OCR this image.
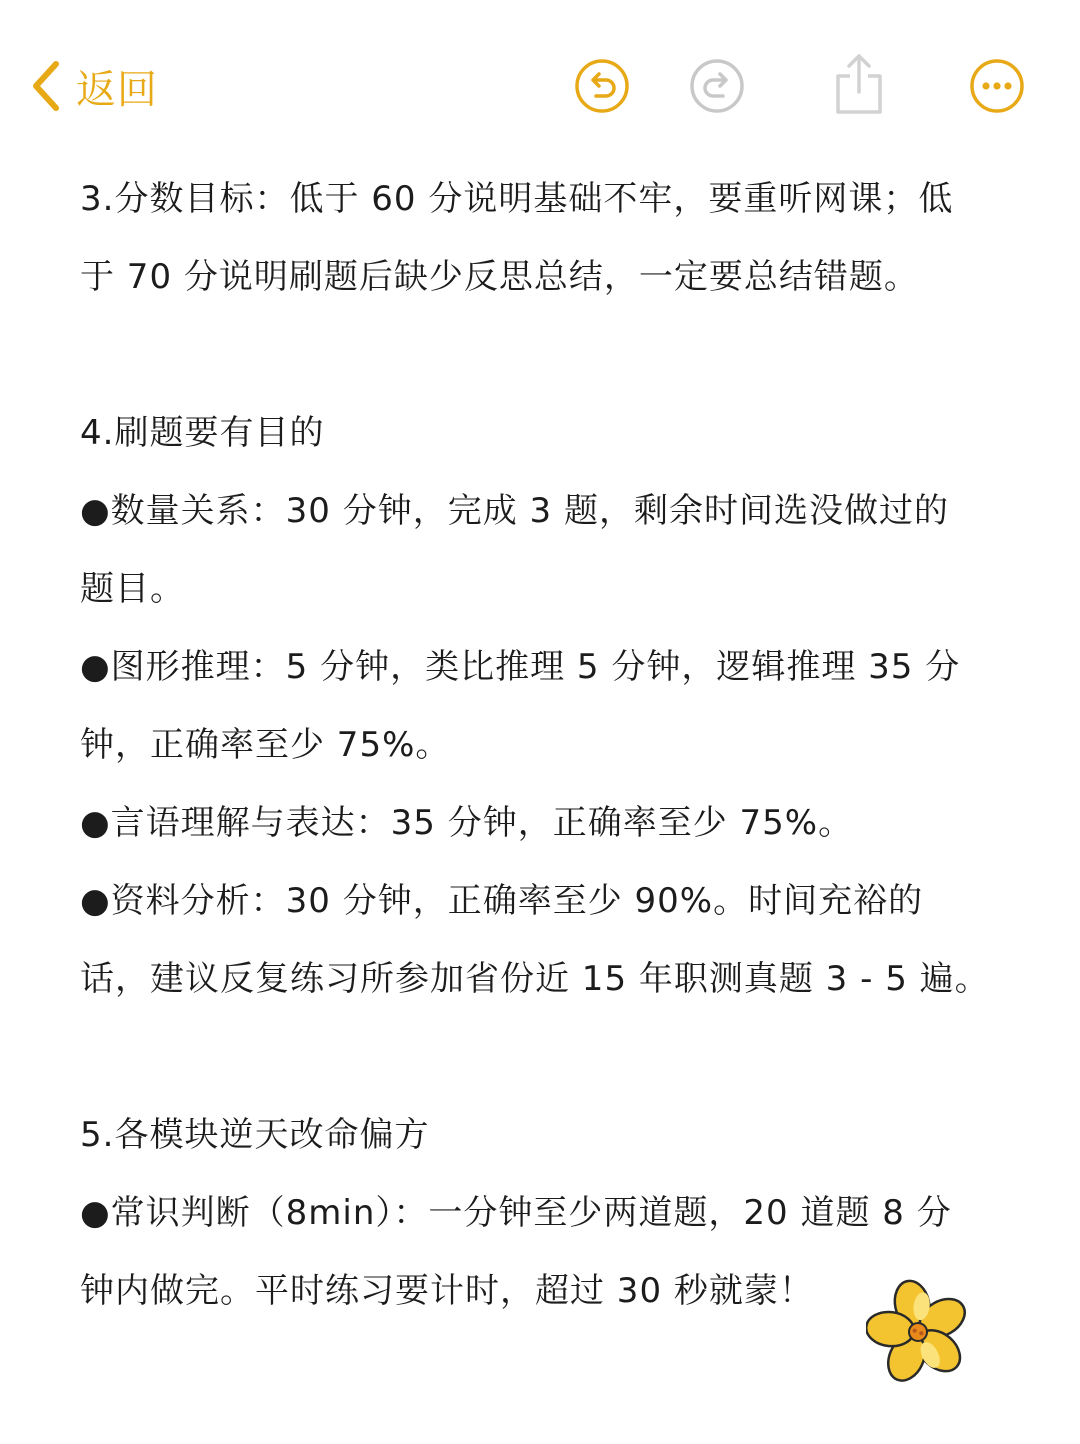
返回

3.分数目标：低于 60 分说明基础不牢，要重听网课；低

于 70 分说明刷题后缺少反思总结，一定要总结错题。

4.刷题要有目的

●数量关系：30 分钟，完成 3 题，剩余时间选没做过的

题目。

●图形推理：5 分钟，类比推理 5 分钟，逻辑推理 35 分

钟，正确率至少 75%。

●言语理解与表达：35 分钟，正确率至少 75%。

●资料分析：30 分钟，正确率至少 90%。时间充裕的

话，建议反复练习所参加省份近 15 年职测真题 3 - 5 遍。

5.各模块逆天改命偏方

●常识判断（8min）：一分钟至少两道题，20 道题 8 分

钟内做完。平时练习要计时，超过 30 秒就蒙！
